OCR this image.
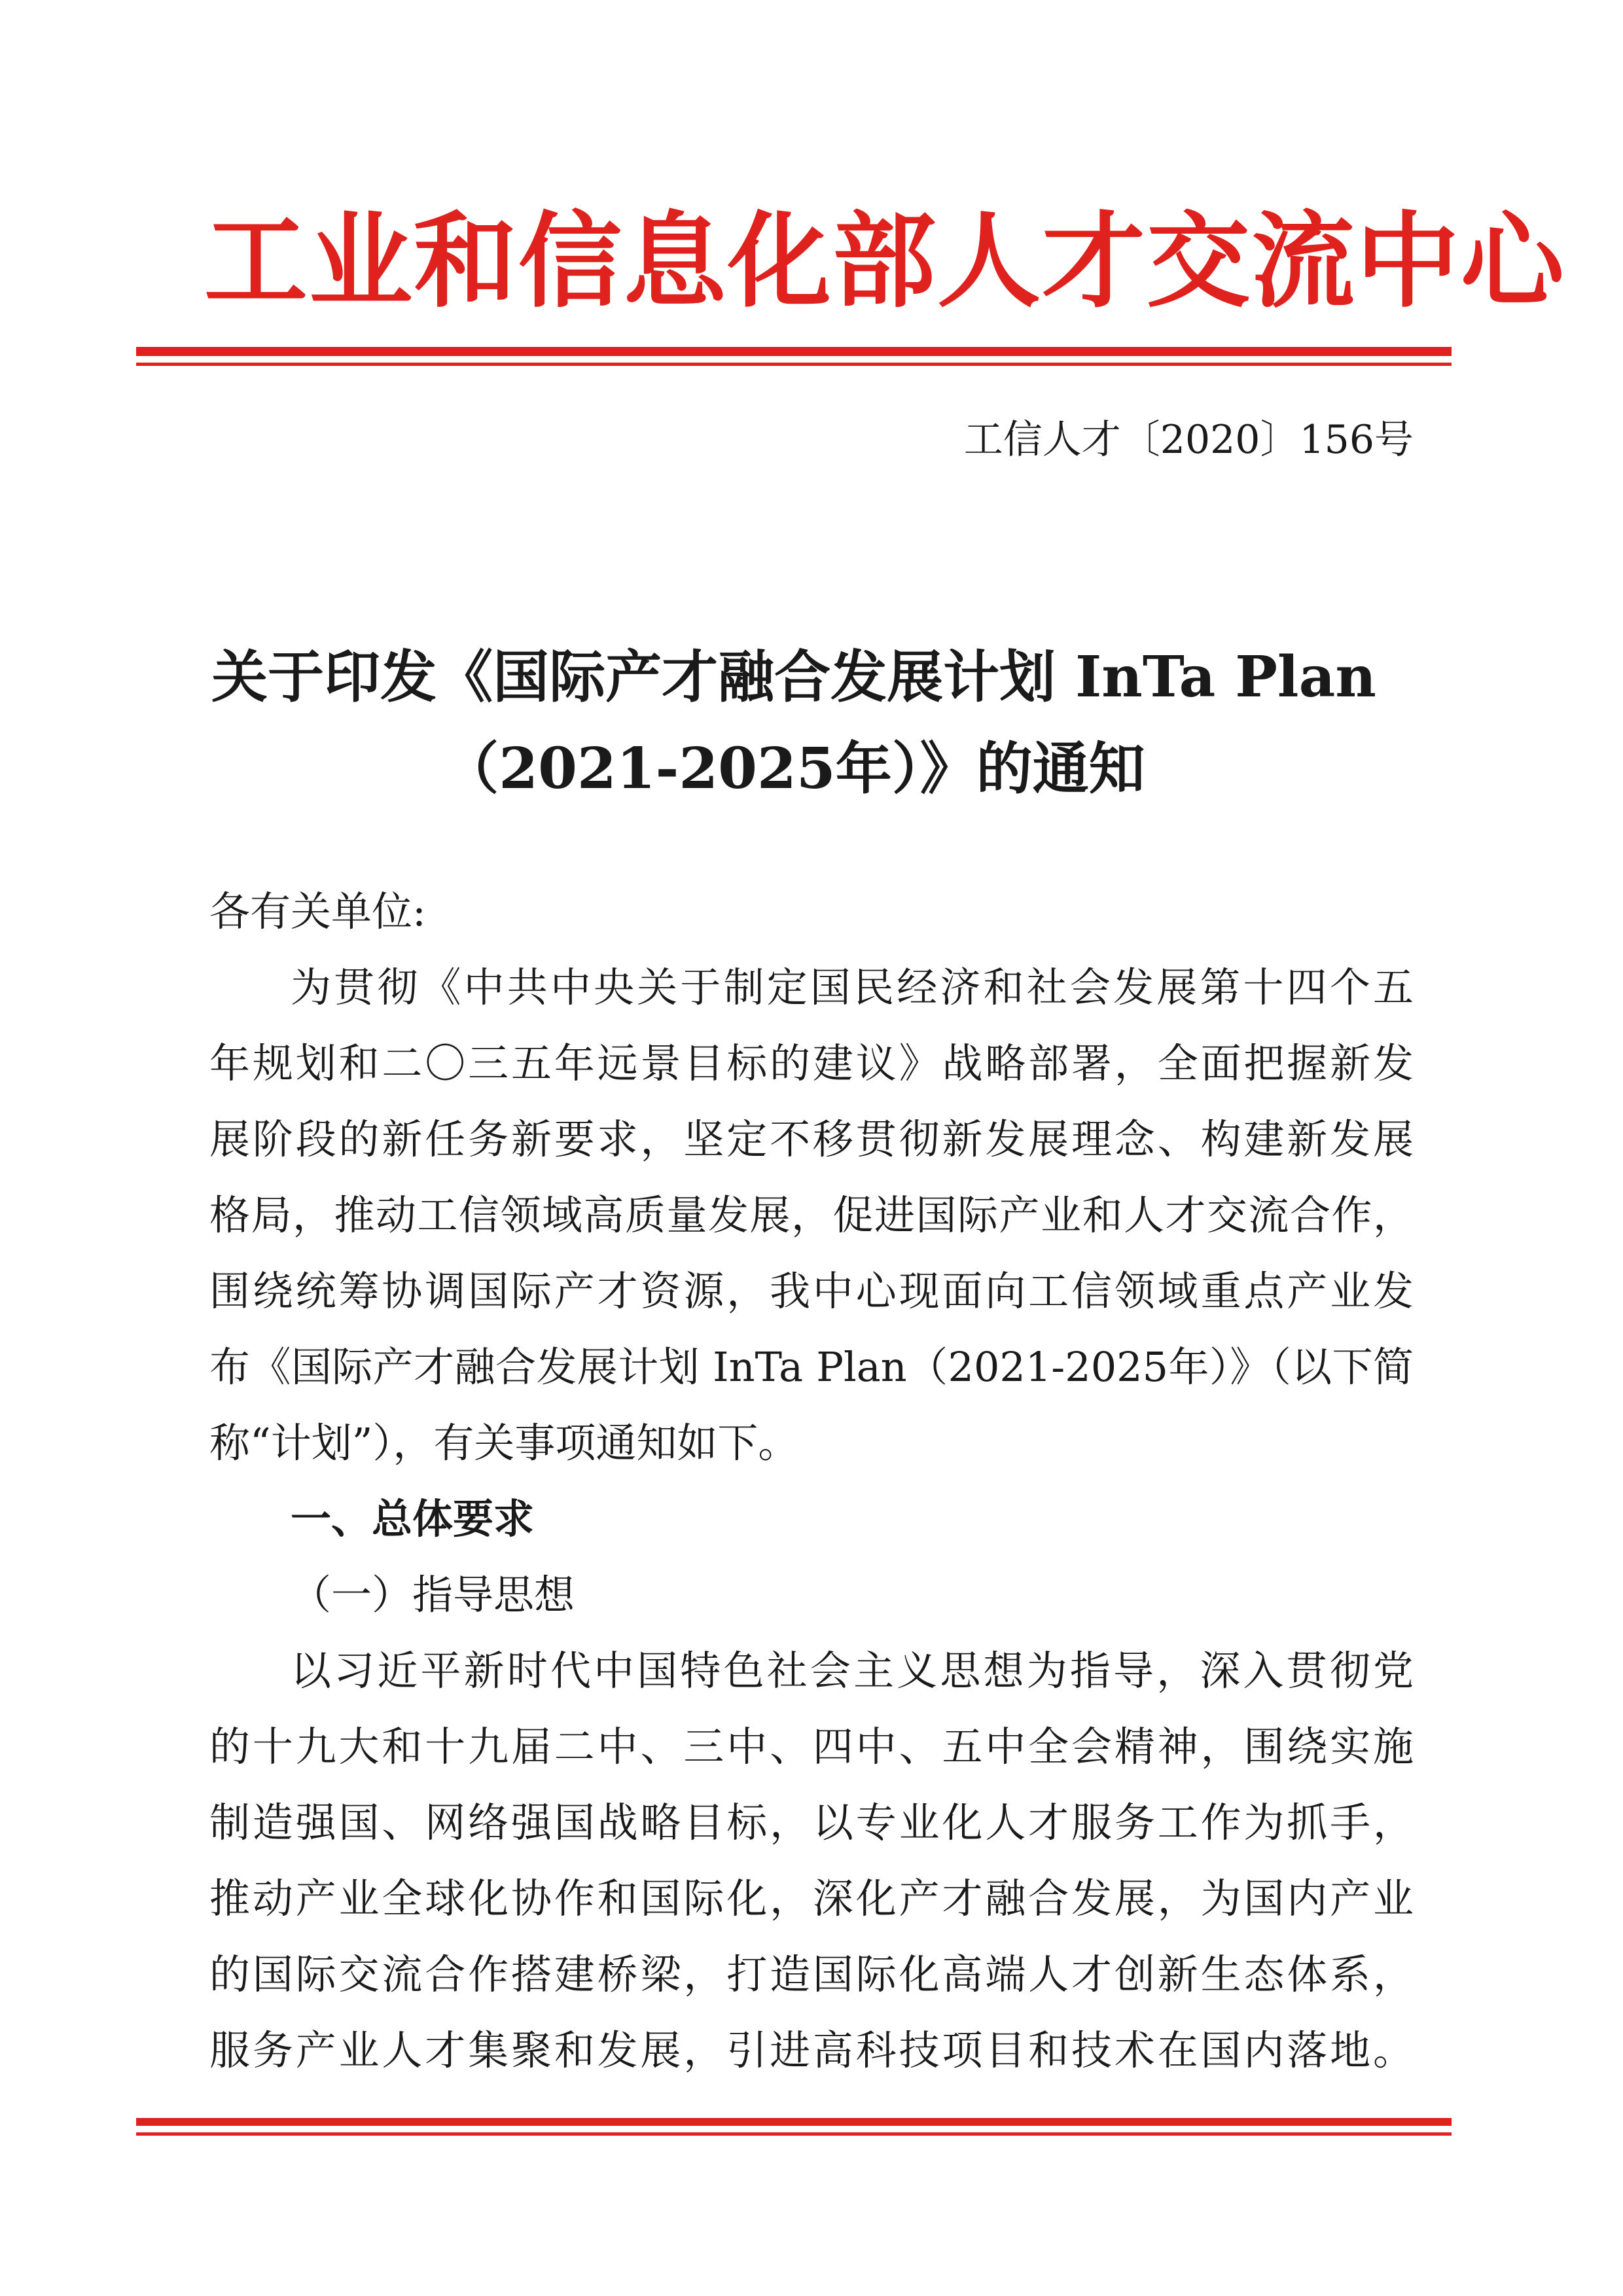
工业和信息化部人才交流中心
工信人才〔2020〕156号
关于印发《国际产才融合发展计划 InTa Plan
（2021-2025年）》的通知
各有关单位:
为贯彻《中共中央关于制定国民经济和社会发展第十四个五
年规划和二〇三五年远景目标的建议》战略部署，全面把握新发
展阶段的新任务新要求，坚定不移贯彻新发展理念、构建新发展
格局，推动工信领域高质量发展，促进国际产业和人才交流合作，
围绕统筹协调国际产才资源，我中心现面向工信领域重点产业发
布《国际产才融合发展计划 InTa Plan（2021-2025年）》（以下简
称“计划”），有关事项通知如下。
一、总体要求
（一）指导思想
以习近平新时代中国特色社会主义思想为指导，深入贯彻党
的十九大和十九届二中、三中、四中、五中全会精神，围绕实施
制造强国、网络强国战略目标，以专业化人才服务工作为抓手，
推动产业全球化协作和国际化，深化产才融合发展，为国内产业
的国际交流合作搭建桥梁，打造国际化高端人才创新生态体系，
服务产业人才集聚和发展，引进高科技项目和技术在国内落地。
